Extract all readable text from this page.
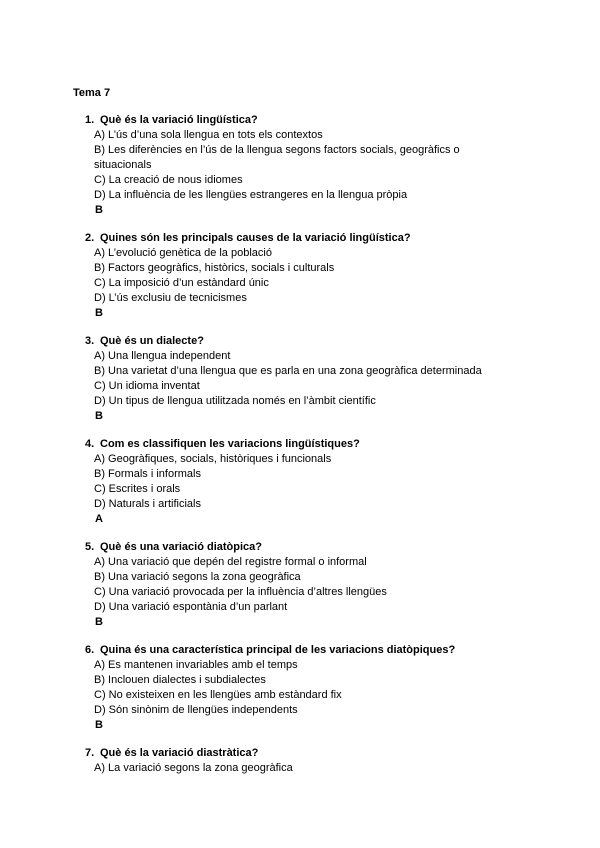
Tema 7
1. Què és la variació lingüística?
A) L’ús d’una sola llengua en tots els contextos
B) Les diferències en l’ús de la llengua segons factors socials, geogràfics o situacionals
C) La creació de nous idiomes
D) La influència de les llengües estrangeres en la llengua pròpia
B
2. Quines són les principals causes de la variació lingüística?
A) L’evolució genètica de la població
B) Factors geogràfics, històrics, socials i culturals
C) La imposició d’un estàndard únic
D) L’ús exclusiu de tecnicismes
B
3. Què és un dialecte?
A) Una llengua independent
B) Una varietat d’una llengua que es parla en una zona geogràfica determinada
C) Un idioma inventat
D) Un tipus de llengua utilitzada només en l’àmbit científic
B
4. Com es classifiquen les variacions lingüístiques?
A) Geogràfiques, socials, històriques i funcionals
B) Formals i informals
C) Escrites i orals
D) Naturals i artificials
A
5. Què és una variació diatòpica?
A) Una variació que depén del registre formal o informal
B) Una variació segons la zona geogràfica
C) Una variació provocada per la influència d’altres llengües
D) Una variació espontània d’un parlant
B
6. Quina és una característica principal de les variacions diatòpiques?
A) Es mantenen invariables amb el temps
B) Inclouen dialectes i subdialectes
C) No existeixen en les llengües amb estàndard fix
D) Són sinònim de llengües independents
B
7. Què és la variació diastràtica?
A) La variació segons la zona geogràfica
